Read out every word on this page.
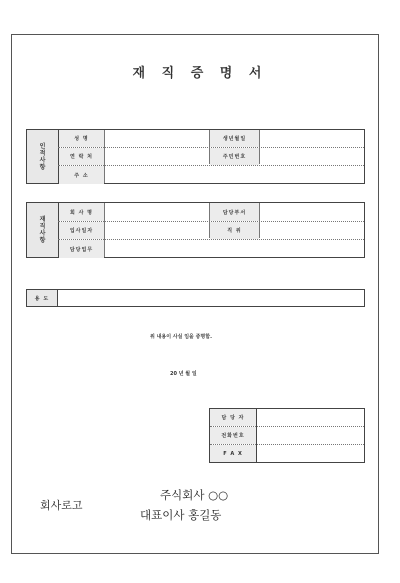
재 직 증 명 서
인
적
사
항
성 명	생년월일
연 락 처	주민번호
주 소
재
직
사
항
회 사 명	담당부서
입사일자	직 위
담당업무
용 도
위 내용이 사실 임을 증명함.
20 년 월 일
담 당 자
전화번호
F A X
회사로고
주식회사 ○○
대표이사 홍길동
